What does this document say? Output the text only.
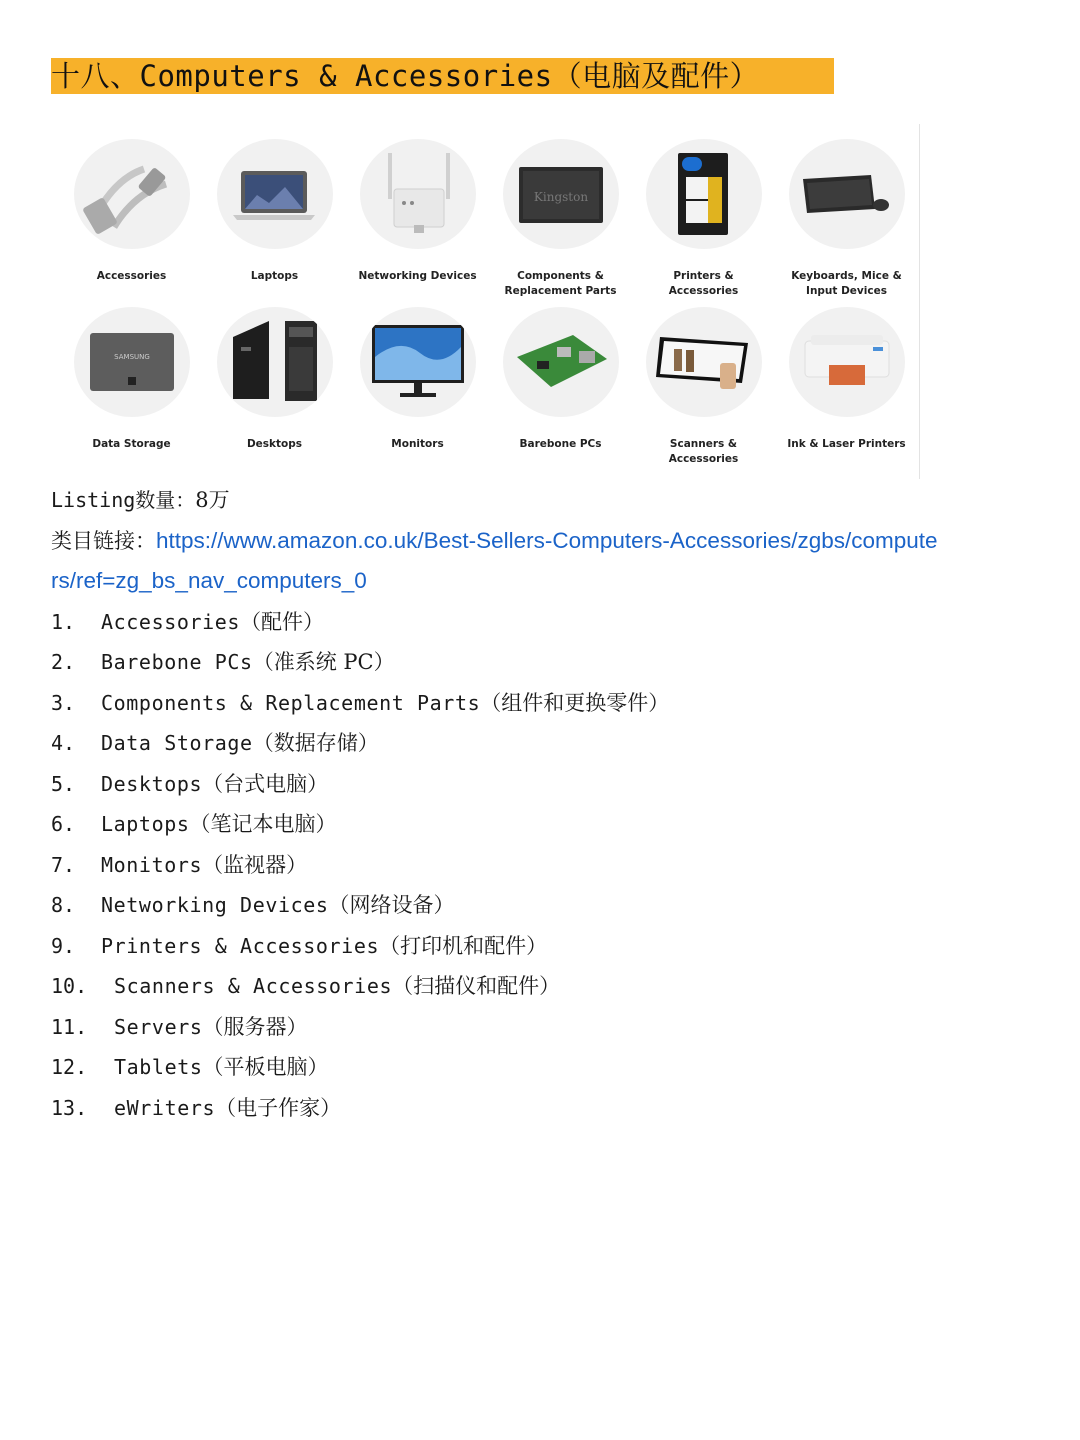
十八、Computers & Accessories（电脑及配件）
Accessories	Laptops	Networking Devices
Kingston
Components &
Replacement Parts
Printers &
Accessories
Keyboards, Mice &
Input Devices
SAMSUNG
Data Storage	Desktops	Monitors	Barebone PCs	Scanners &
Accessories
Ink & Laser Printers
Listing数量：8万
类目链接：https://www.amazon.co.uk/Best-Sellers-Computers-Accessories/zgbs/compute
rs/ref=zg_bs_nav_computers_0
1.	Accessories （配件）
2.	Barebone PCs （准系统 PC）
3.	Components & Replacement Parts （组件和更换零件）
4.	Data Storage （数据存储）
5.	Desktops （台式电脑）
6.	Laptops （笔记本电脑）
7.	Monitors （监视器）
8.	Networking Devices （网络设备）
9.	Printers & Accessories （打印机和配件）
10.	Scanners & Accessories （扫描仪和配件）
11.	Servers （服务器）
12.	Tablets （平板电脑）
13.	eWriters （电子作家）
